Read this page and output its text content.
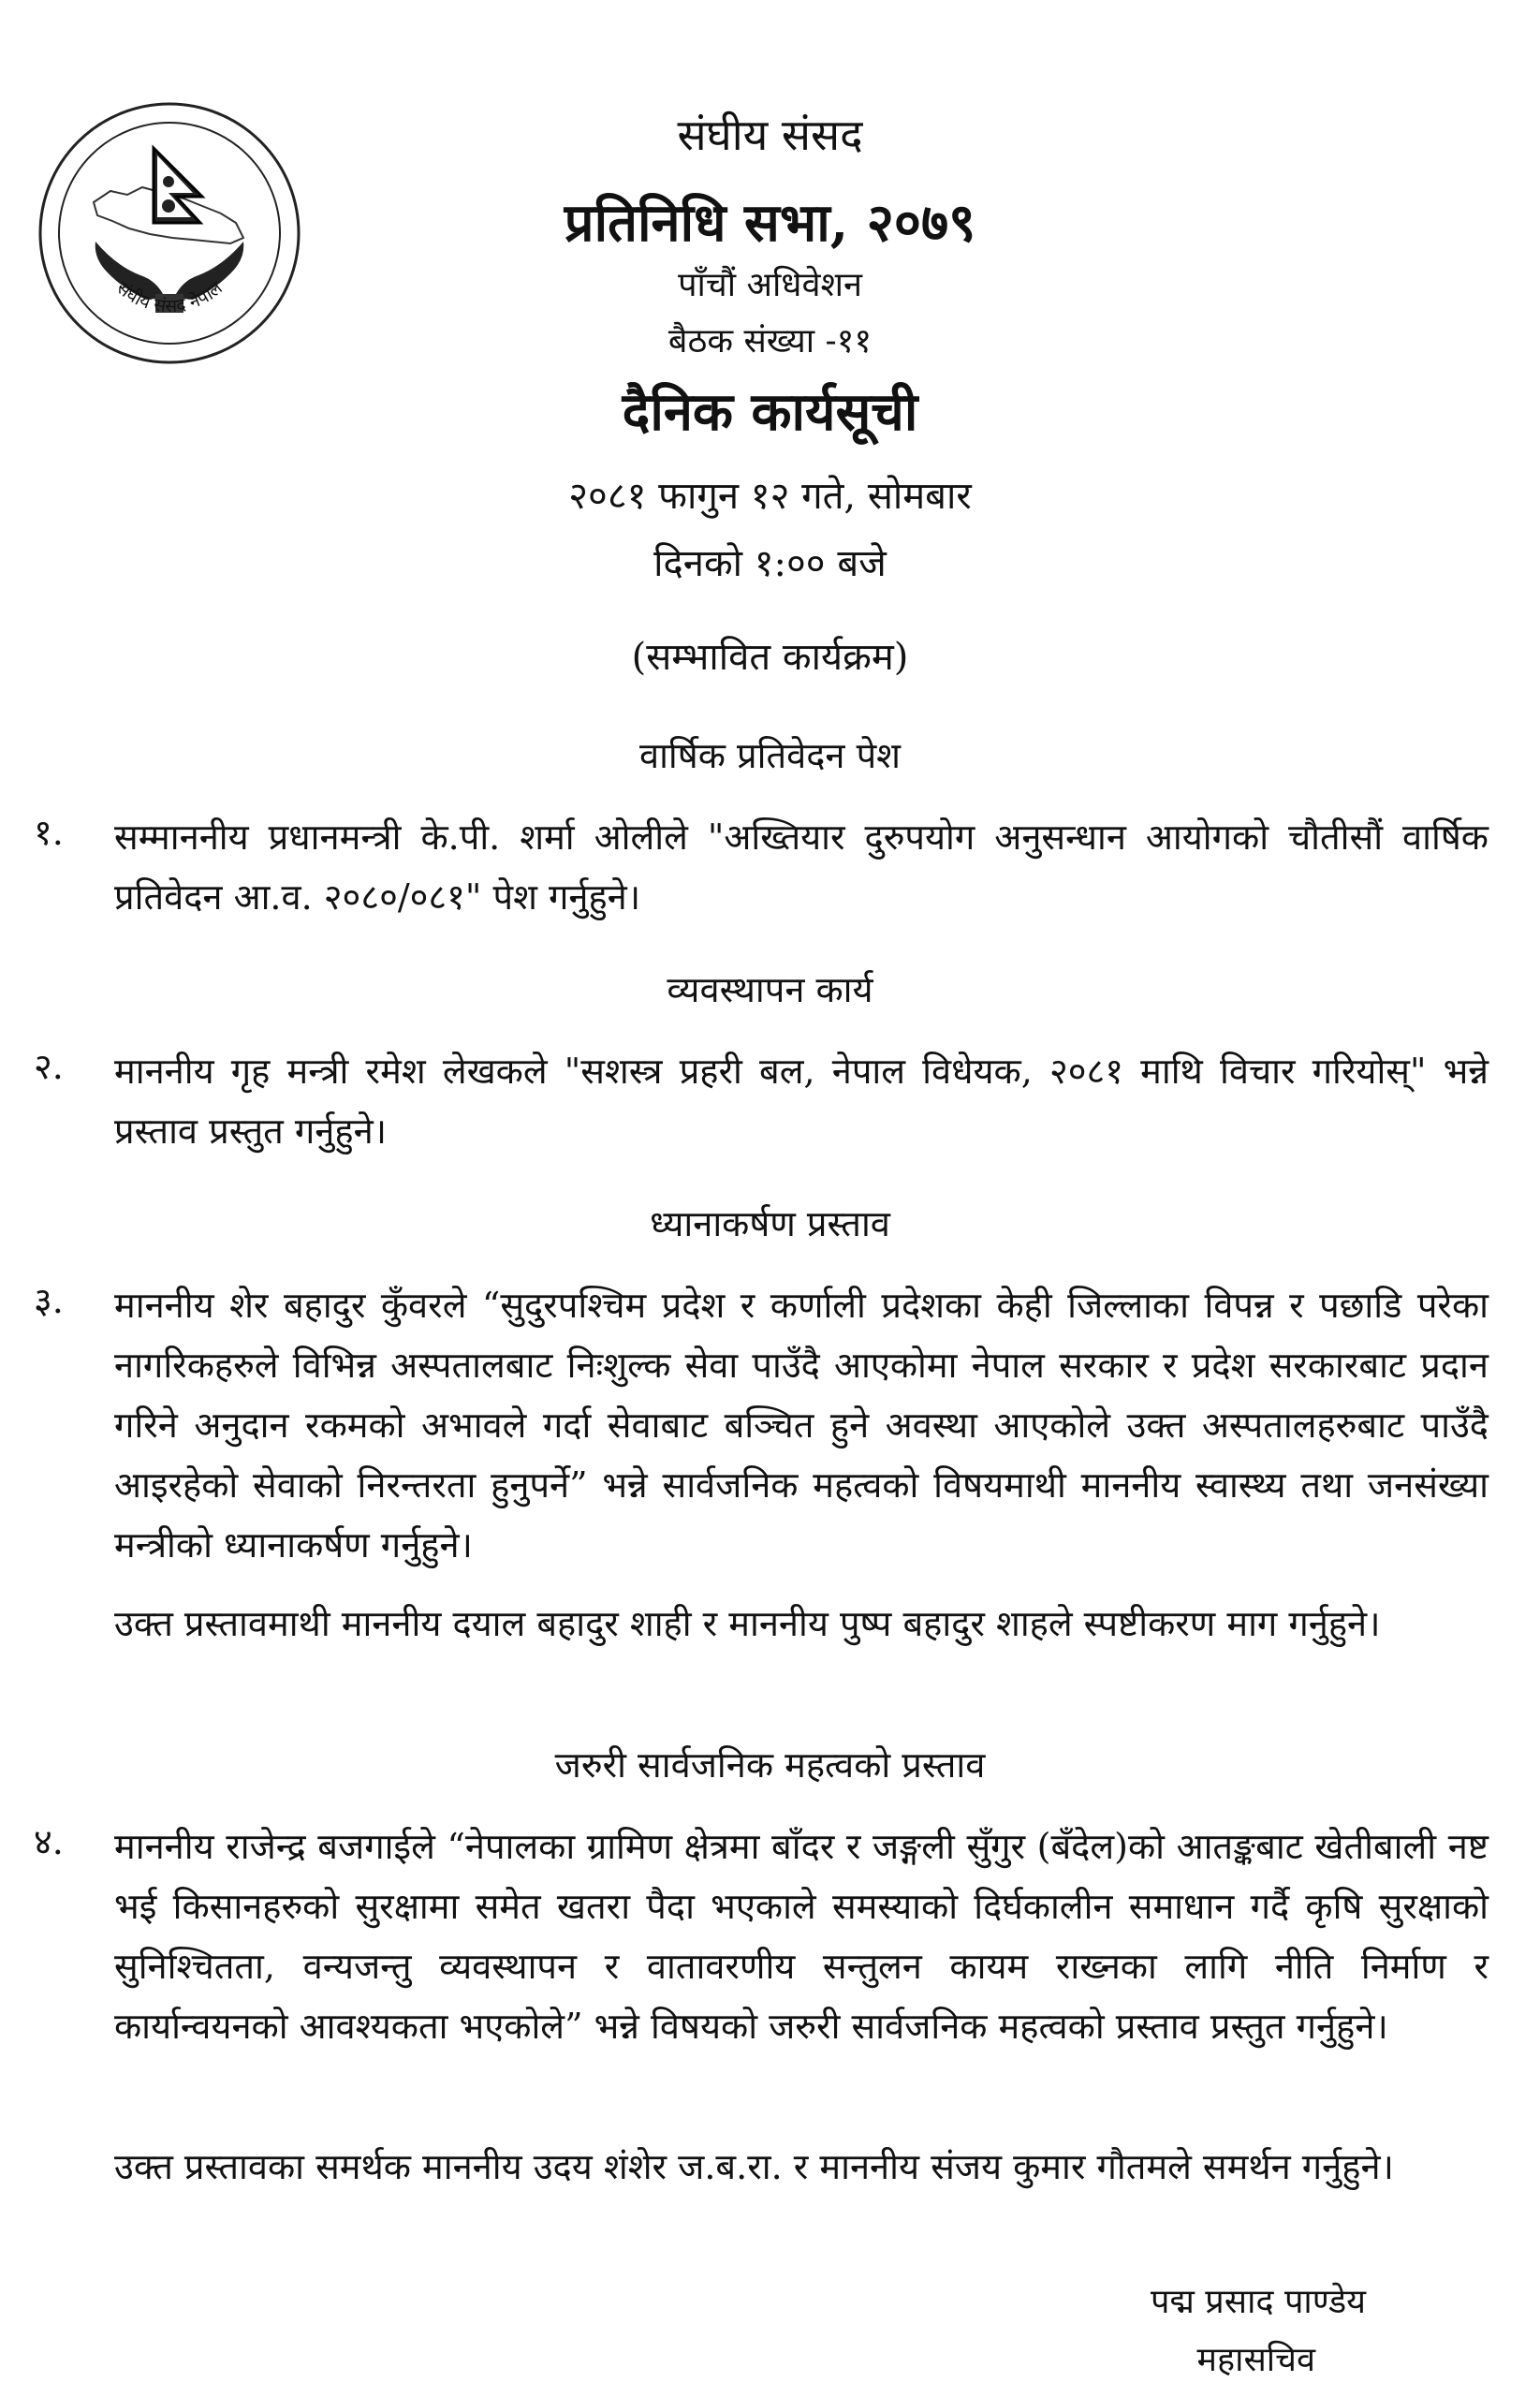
संघीय संसद नेपाल
संघीय संसद
प्रतिनिधि सभा, २०७९
पाँचौं अधिवेशन
बैठक संख्या -११
दैनिक कार्यसूची
२०८१ फागुन १२ गते, सोमबार
दिनको १:०० बजे
(सम्भावित कार्यक्रम)
वार्षिक प्रतिवेदन पेश
१. सम्माननीय प्रधानमन्त्री के.पी. शर्मा ओलीले "अख्तियार दुरुपयोग अनुसन्धान आयोगको चौतीसौं वार्षिक प्रतिवेदन आ.व. २०८०/०८१" पेश गर्नुहुने।
व्यवस्थापन कार्य
२. माननीय गृह मन्त्री रमेश लेखकले "सशस्त्र प्रहरी बल, नेपाल विधेयक, २०८१ माथि विचार गरियोस्" भन्ने प्रस्ताव प्रस्तुत गर्नुहुने।
ध्यानाकर्षण प्रस्ताव
३. माननीय शेर बहादुर कुँवरले “सुदुरपश्चिम प्रदेश र कर्णाली प्रदेशका केही जिल्लाका विपन्न र पछाडि परेका नागरिकहरुले विभिन्न अस्पतालबाट निःशुल्क सेवा पाउँदै आएकोमा नेपाल सरकार र प्रदेश सरकारबाट प्रदान गरिने अनुदान रकमको अभावले गर्दा सेवाबाट बञ्चित हुने अवस्था आएकोले उक्त अस्पतालहरुबाट पाउँदै आइरहेको सेवाको निरन्तरता हुनुपर्ने” भन्ने सार्वजनिक महत्वको विषयमाथी माननीय स्वास्थ्य तथा जनसंख्या मन्त्रीको ध्यानाकर्षण गर्नुहुने।
उक्त प्रस्तावमाथी माननीय दयाल बहादुर शाही र माननीय पुष्प बहादुर शाहले स्पष्टीकरण माग गर्नुहुने।
जरुरी सार्वजनिक महत्वको प्रस्ताव
४. माननीय राजेन्द्र बजगाईले “नेपालका ग्रामिण क्षेत्रमा बाँदर र जङ्गली सुँगुर (बँदेल)को आतङ्कबाट खेतीबाली नष्ट भई किसानहरुको सुरक्षामा समेत खतरा पैदा भएकाले समस्याको दिर्घकालीन समाधान गर्दै कृषि सुरक्षाको सुनिश्चितता, वन्यजन्तु व्यवस्थापन र वातावरणीय सन्तुलन कायम राख्नका लागि नीति निर्माण र कार्यान्वयनको आवश्यकता भएकोले” भन्ने विषयको जरुरी सार्वजनिक महत्वको प्रस्ताव प्रस्तुत गर्नुहुने।
उक्त प्रस्तावका समर्थक माननीय उदय शंशेर ज.ब.रा. र माननीय संजय कुमार गौतमले समर्थन गर्नुहुने।
पद्म प्रसाद पाण्डेय
महासचिव
